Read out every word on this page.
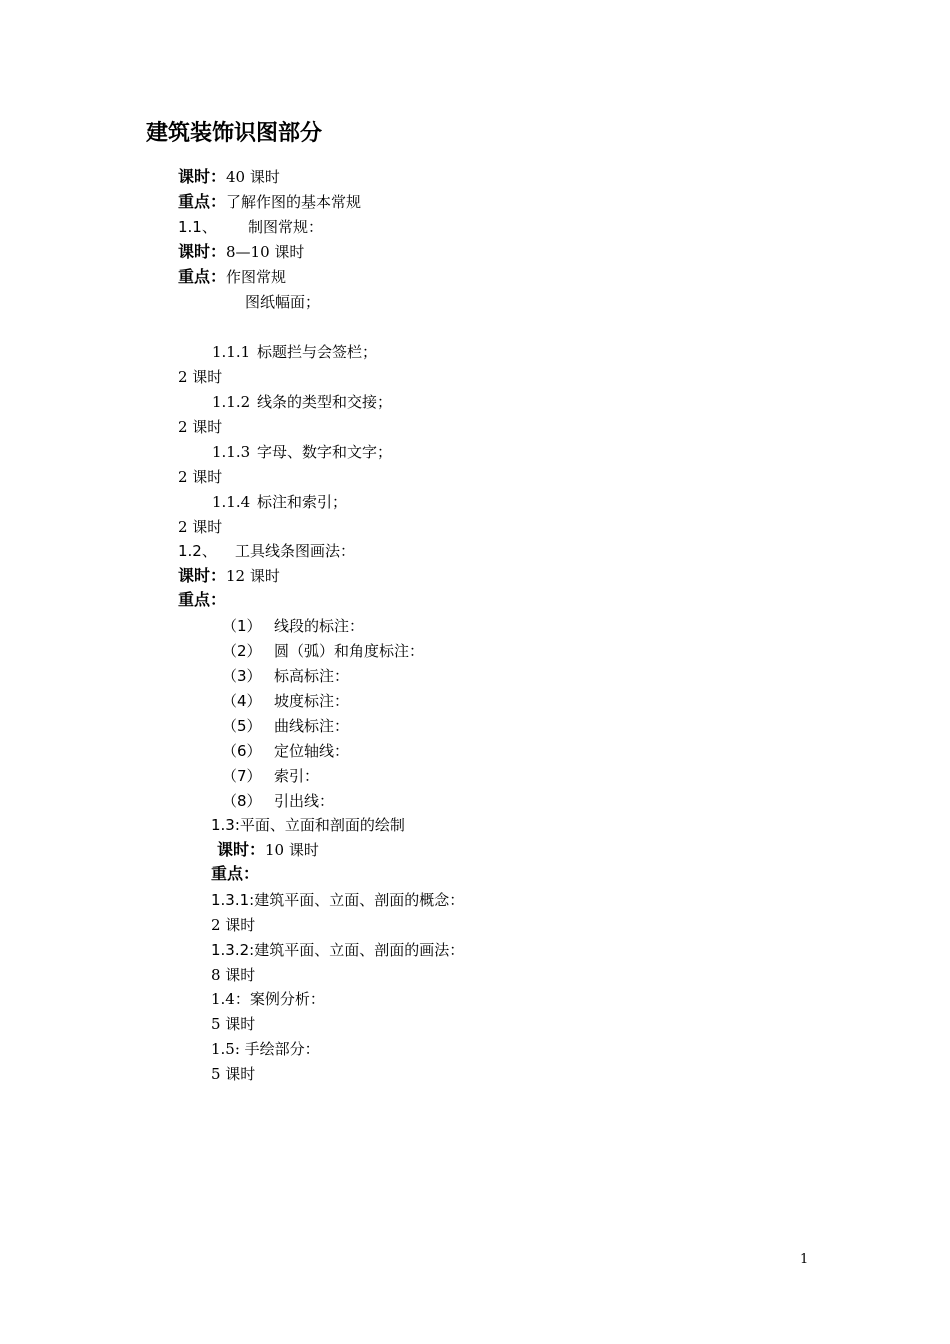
建筑装饰识图部分
课时：40 课时
重点：了解作图的基本常规
1.1、 制图常规：
课时：8—10 课时
重点：作图常规
图纸幅面；
1.1.1 标题拦与会签栏；
2 课时
1.1.2 线条的类型和交接；
2 课时
1.1.3 字母、数字和文字；
2 课时
1.1.4 标注和索引；
2 课时
1.2、 工具线条图画法：
课时：12 课时
重点：
（1） 线段的标注：
（2） 圆（弧）和角度标注：
（3） 标高标注：
（4） 坡度标注：
（5） 曲线标注：
（6） 定位轴线：
（7） 索引：
（8） 引出线：
1.3:平面、立面和剖面的绘制
课时：10 课时
重点：
1.3.1:建筑平面、立面、剖面的概念：
2 课时
1.3.2:建筑平面、立面、剖面的画法：
8 课时
1.4：案例分析：
5 课时
1.5: 手绘部分：
5 课时
1
